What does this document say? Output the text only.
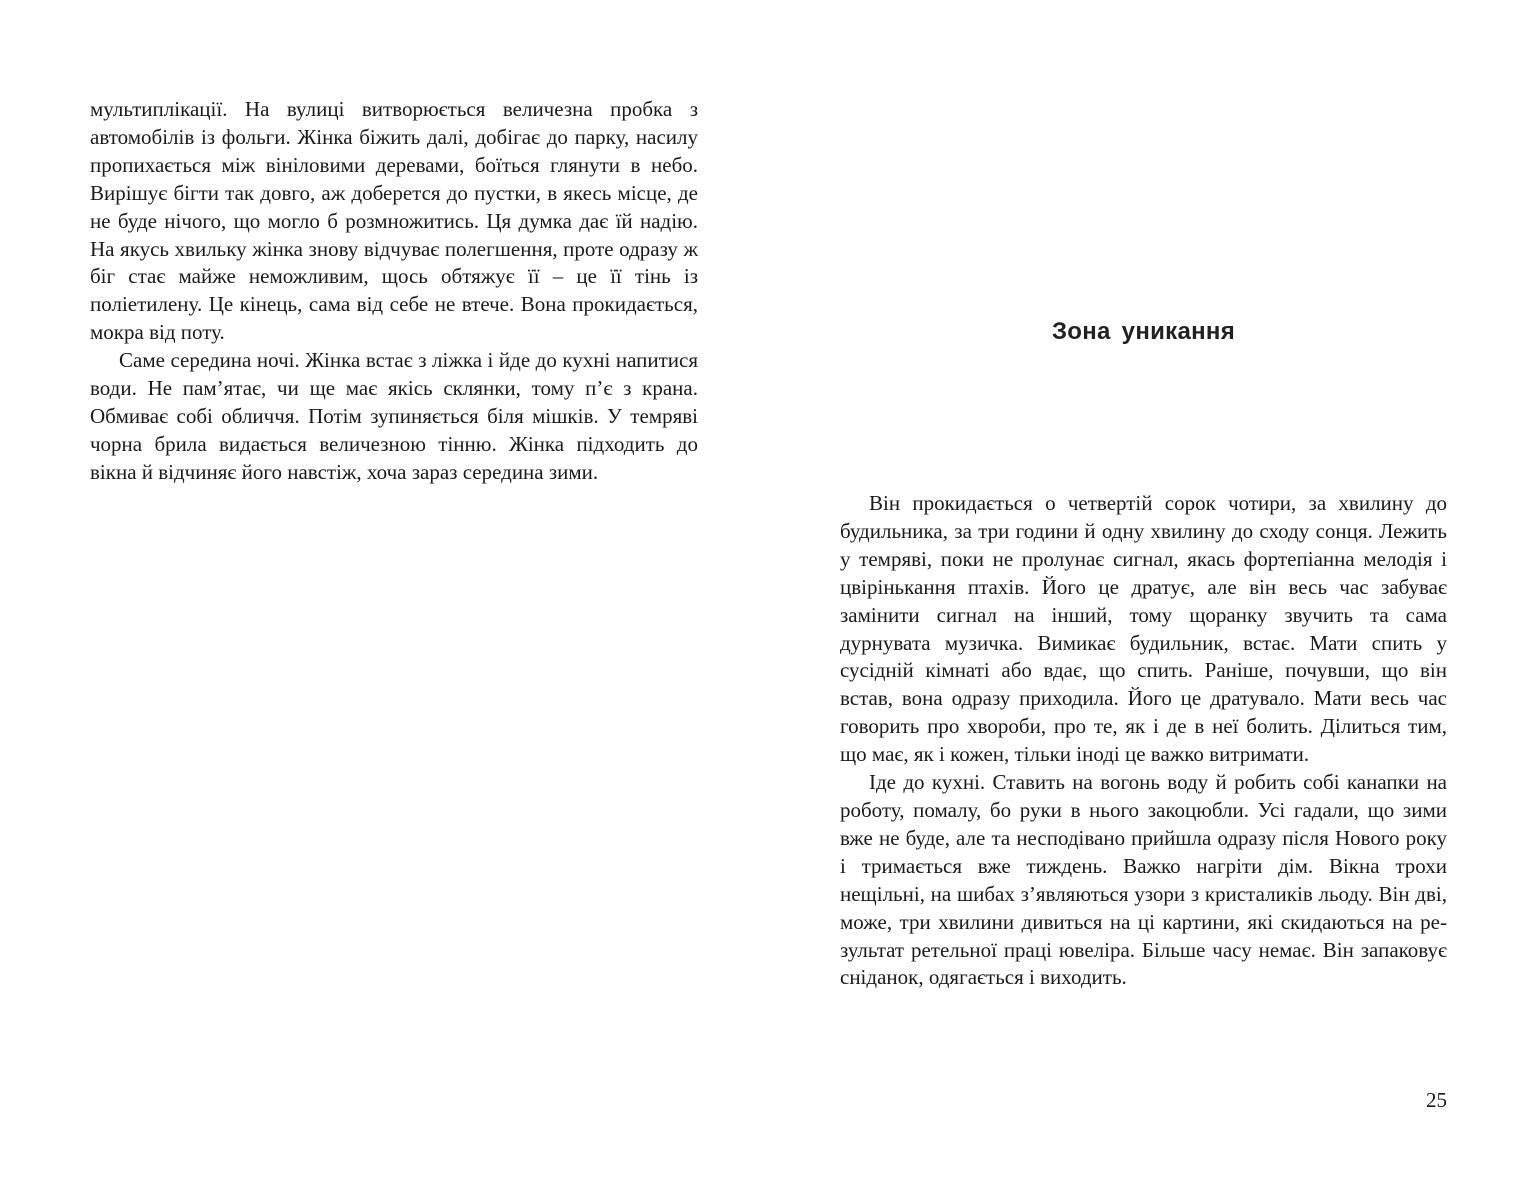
мультиплікації. На вулиці витворюється величезна пробка з автомобілів із фольги. Жінка біжить далі, добігає до парку, насилу пропихається між вініловими деревами, боїться глянути в небо. Вирішує бігти так довго, аж доберется до пустки, в якесь місце, де не буде нічого, що могло б розмножитись. Ця думка дає їй надію. На якусь хвильку жінка знову відчуває полегшення, проте одразу ж біг стає майже неможливим, щось обтяжує її – це її тінь із поліетилену. Це кінець, сама від себе не втече. Вона прокидається, мокра від поту.

Саме середина ночі. Жінка встає з ліжка і йде до кухні напитися води. Не пам’ятає, чи ще має якісь склянки, тому п’є з крана. Обмиває собі обличчя. Потім зупиняється біля мішків. У темряві чорна брила видається величезною тінню. Жінка підходить до вікна й відчиняє його навстіж, хоча зараз середина зими.

Зона уникання

Він прокидається о четвертій сорок чотири, за хвилину до будильника, за три години й одну хвилину до сходу сонця. Лежить у темряві, поки не пролунає сигнал, якась фортепіанна мелодія і цвірінькання птахів. Його це дратує, але він весь час забуває замінити сигнал на інший, тому щоранку звучить та сама дурнувата музичка. Вимикає будильник, встає. Мати спить у сусідній кімнаті або вдає, що спить. Раніше, почувши, що він встав, вона одразу приходила. Його це дратувало. Мати весь час говорить про хвороби, про те, як і де в неї болить. Ділиться тим, що має, як і кожен, тільки іноді це важко витримати.

Іде до кухні. Ставить на вогонь воду й робить собі канапки на роботу, помалу, бо руки в нього закоцюбли. Усі гадали, що зими вже не буде, але та несподівано прийшла одразу після Нового року і тримається вже тиждень. Важко нагріти дім. Вікна трохи нещільні, на шибах з’являються узори з кристаликів льоду. Він дві, може, три хвилини дивиться на ці картини, які скидаються на результат ретельної праці ювеліра. Більше часу немає. Він запаковує сніданок, одягається і виходить.

25
